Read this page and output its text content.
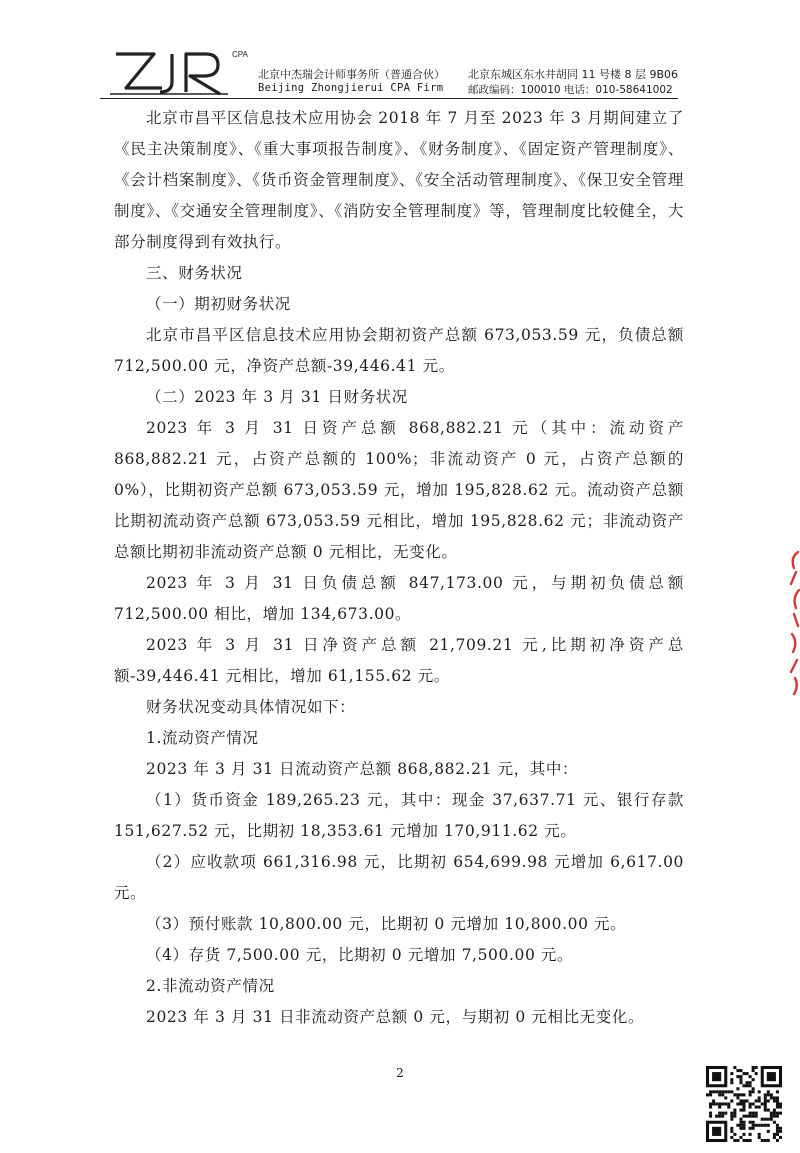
CPA
北京中杰瑞会计师事务所（普通合伙）
Beijing Zhongjierui CPA Firm
北京东城区东水井胡同 11 号楼 8 层 9B06
邮政编码：100010 电话：010-58641002

北京市昌平区信息技术应用协会 2018 年 7 月至 2023 年 3 月期间建立了《民主决策制度》、《重大事项报告制度》、《财务制度》、《固定资产管理制度》、《会计档案制度》、《货币资金管理制度》、《安全活动管理制度》、《保卫安全管理制度》、《交通安全管理制度》、《消防安全管理制度》等，管理制度比较健全，大部分制度得到有效执行。

三、财务状况

（一）期初财务状况

北京市昌平区信息技术应用协会期初资产总额 673,053.59 元，负债总额 712,500.00 元，净资产总额-39,446.41 元。

（二）2023 年 3 月 31 日财务状况

2023 年 3 月 31 日资产总额 868,882.21 元（其中：流动资产 868,882.21 元，占资产总额的 100%；非流动资产 0 元，占资产总额的 0%），比期初资产总额 673,053.59 元，增加 195,828.62 元。流动资产总额比期初流动资产总额 673,053.59 元相比，增加 195,828.62 元；非流动资产总额比期初非流动资产总额 0 元相比，无变化。

2023 年 3 月 31 日负债总额 847,173.00 元，与期初负债总额 712,500.00 相比，增加 134,673.00。

2023 年 3 月 31 日净资产总额 21,709.21 元,比期初净资产总额-39,446.41 元相比，增加 61,155.62 元。

财务状况变动具体情况如下：

1.流动资产情况

2023 年 3 月 31 日流动资产总额 868,882.21 元，其中：

（1）货币资金 189,265.23 元，其中：现金 37,637.71 元、银行存款 151,627.52 元，比期初 18,353.61 元增加 170,911.62 元。

（2）应收款项 661,316.98 元，比期初 654,699.98 元增加 6,617.00 元。

（3）预付账款 10,800.00 元，比期初 0 元增加 10,800.00 元。

（4）存货 7,500.00 元，比期初 0 元增加 7,500.00 元。

2.非流动资产情况

2023 年 3 月 31 日非流动资产总额 0 元，与期初 0 元相比无变化。

2
